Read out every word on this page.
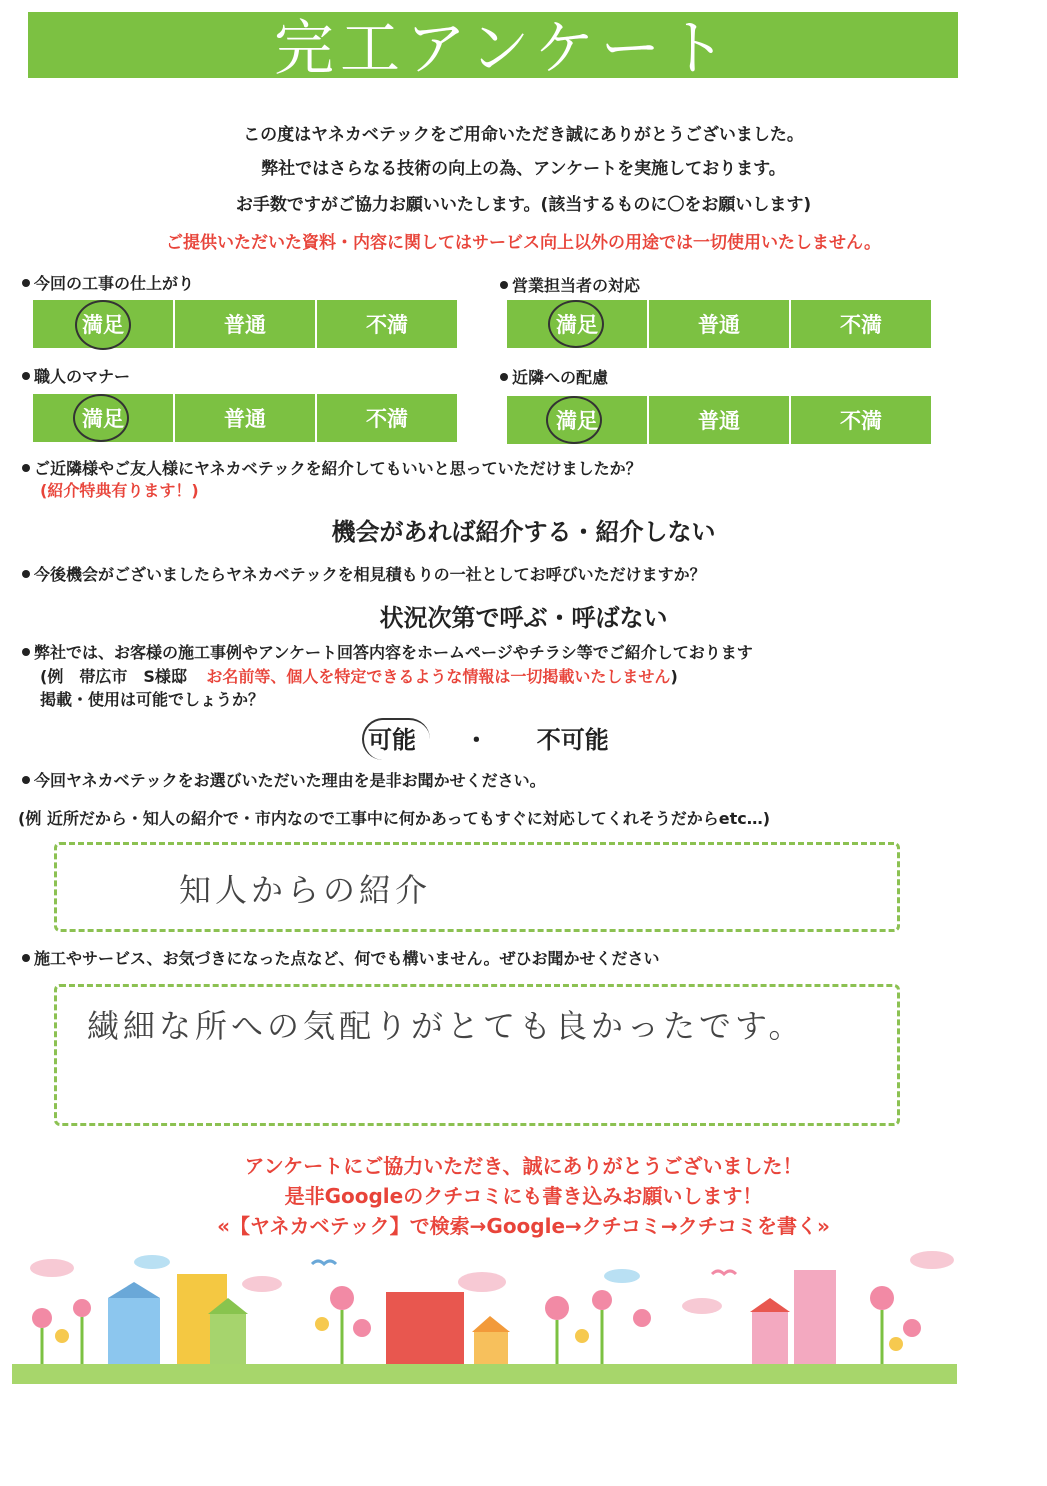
完工アンケート
この度はヤネカベテックをご用命いただき誠にありがとうございました。
弊社ではさらなる技術の向上の為、アンケートを実施しております。
お手数ですがご協力お願いいたします。(該当するものに〇をお願いします)
ご提供いただいた資料・内容に関してはサービス向上以外の用途では一切使用いたしません。
今回の工事の仕上がり
満足	普通	不満
営業担当者の対応
満足	普通	不満
職人のマナー
満足	普通	不満
近隣への配慮
満足	普通	不満
ご近隣様やご友人様にヤネカベテックを紹介してもいいと思っていただけましたか？
(紹介特典有ります！)
機会があれば紹介する・紹介しない
今後機会がございましたらヤネカベテックを相見積もりの一社としてお呼びいただけますか？
状況次第で呼ぶ・呼ばない
弊社では、お客様の施工事例やアンケート回答内容をホームページやチラシ等でご紹介しております
(例　帯広市　S様邸 お名前等、個人を特定できるような情報は一切掲載いたしません)
掲載・使用は可能でしょうか？
可能 ・ 不可能
今回ヤネカベテックをお選びいただいた理由を是非お聞かせください。
(例 近所だから・知人の紹介で・市内なので工事中に何かあってもすぐに対応してくれそうだからetc…)
知人からの紹介
施工やサービス、お気づきになった点など、何でも構いません。ぜひお聞かせください
繊細な所への気配りがとても良かったです。
アンケートにご協力いただき、誠にありがとうございました！
是非Googleのクチコミにも書き込みお願いします！
«【ヤネカベテック】で検索→Google→クチコミ→クチコミを書く»
